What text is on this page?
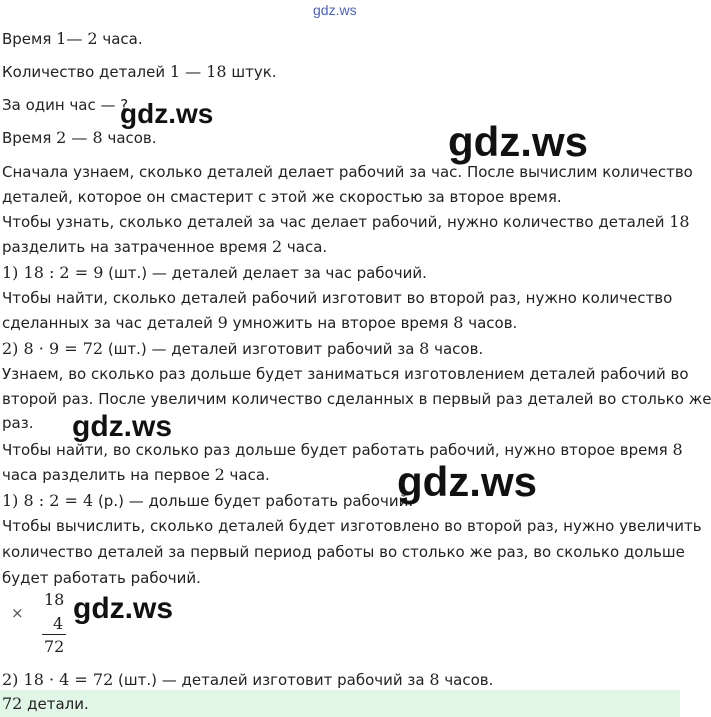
gdz.ws
Время 1— 2 часа.
Количество деталей 1 — 18 штук.
За один час — ?
gdz.ws
Время 2 — 8 часов.	gdz.ws
Сначала узнаем, сколько деталей делает рабочий за час. После вычислим количество
деталей, которое он смастерит с этой же скоростью за второе время.
Чтобы узнать, сколько деталей за час делает рабочий, нужно количество деталей 18
разделить на затраченное время 2 часа.
1) 18 : 2 = 9 (шт.) — деталей делает за час рабочий.
Чтобы найти, сколько деталей рабочий изготовит во второй раз, нужно количество
сделанных за час деталей 9 умножить на второе время 8 часов.
2) 8 · 9 = 72 (шт.) — деталей изготовит рабочий за 8 часов.
Узнаем, во сколько раз дольше будет заниматься изготовлением деталей рабочий во
второй раз. После увеличим количество сделанных в первый раз деталей во столько же
раз. gdz.ws
Чтобы найти, во сколько раз дольше будет работать рабочий, нужно второе время 8
часа разделить на первое 2 часа.
1) 8 : 2 = 4 (р.) — дольше будет работать рабочий.
gdz.ws
Чтобы вычислить, сколько деталей будет изготовлено во второй раз, нужно увеличить
количество деталей за первый период работы во столько же раз, во сколько дольше
будет работать рабочий.
×
18
4
72
gdz.ws
2) 18 · 4 = 72 (шт.) — деталей изготовит рабочий за 8 часов.
72 детали.
